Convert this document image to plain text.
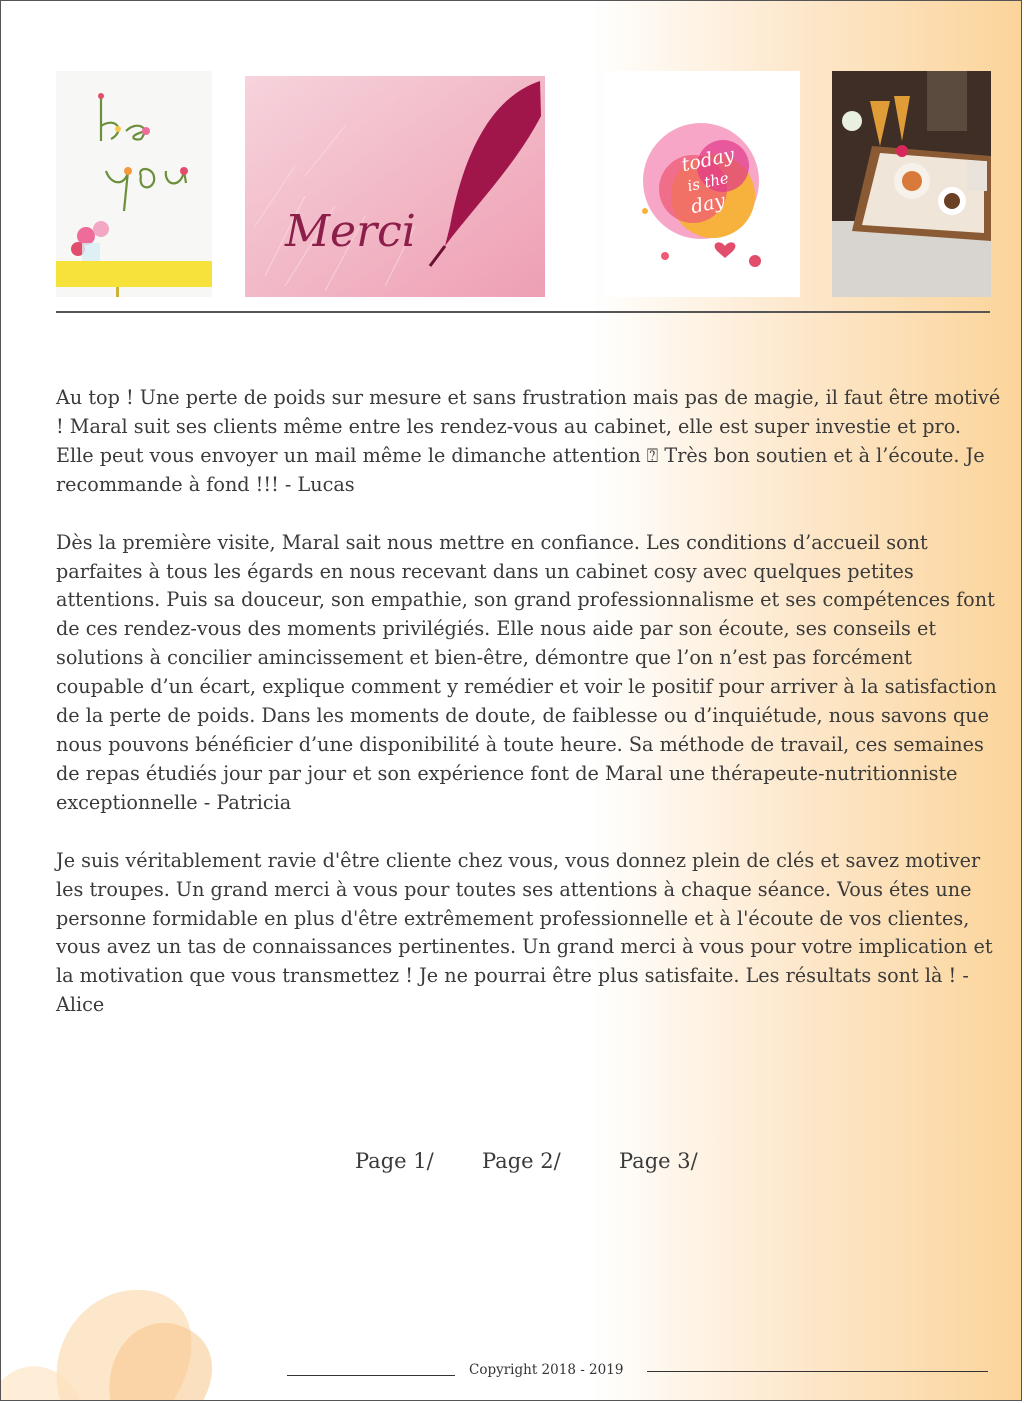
Merci
today
is the
day

Au top ! Une perte de poids sur mesure et sans frustration mais pas de magie, il faut être motivé ! Maral suit ses clients même entre les rendez-vous au cabinet, elle est super investie et pro.
Elle peut vous envoyer un mail même le dimanche attention ⍰ Très bon soutien et à l’écoute. Je recommande à fond !!! - Lucas

Dès la première visite, Maral sait nous mettre en confiance. Les conditions d’accueil sont parfaites à tous les égards en nous recevant dans un cabinet cosy avec quelques petites attentions. Puis sa douceur, son empathie, son grand professionnalisme et ses compétences font de ces rendez-vous des moments privilégiés. Elle nous aide par son écoute, ses conseils et solutions à concilier amincissement et bien-être, démontre que l’on n’est pas forcément coupable d’un écart, explique comment y remédier et voir le positif pour arriver à la satisfaction de la perte de poids. Dans les moments de doute, de faiblesse ou d’inquiétude, nous savons que nous pouvons bénéficier d’une disponibilité à toute heure. Sa méthode de travail, ces semaines de repas étudiés jour par jour et son expérience font de Maral une thérapeute-nutritionniste exceptionnelle - Patricia

Je suis véritablement ravie d'être cliente chez vous, vous donnez plein de clés et savez motiver les troupes. Un grand merci à vous pour toutes ses attentions à chaque séance. Vous étes une personne formidable en plus d'être extrêmement professionnelle et à l'écoute de vos clientes, vous avez un tas de connaissances pertinentes. Un grand merci à vous pour votre implication et la motivation que vous transmettez ! Je ne pourrai être plus satisfaite. Les résultats sont là ! - Alice

Page 1/ Page 2/	Page 3/
Copyright 2018 - 2019
